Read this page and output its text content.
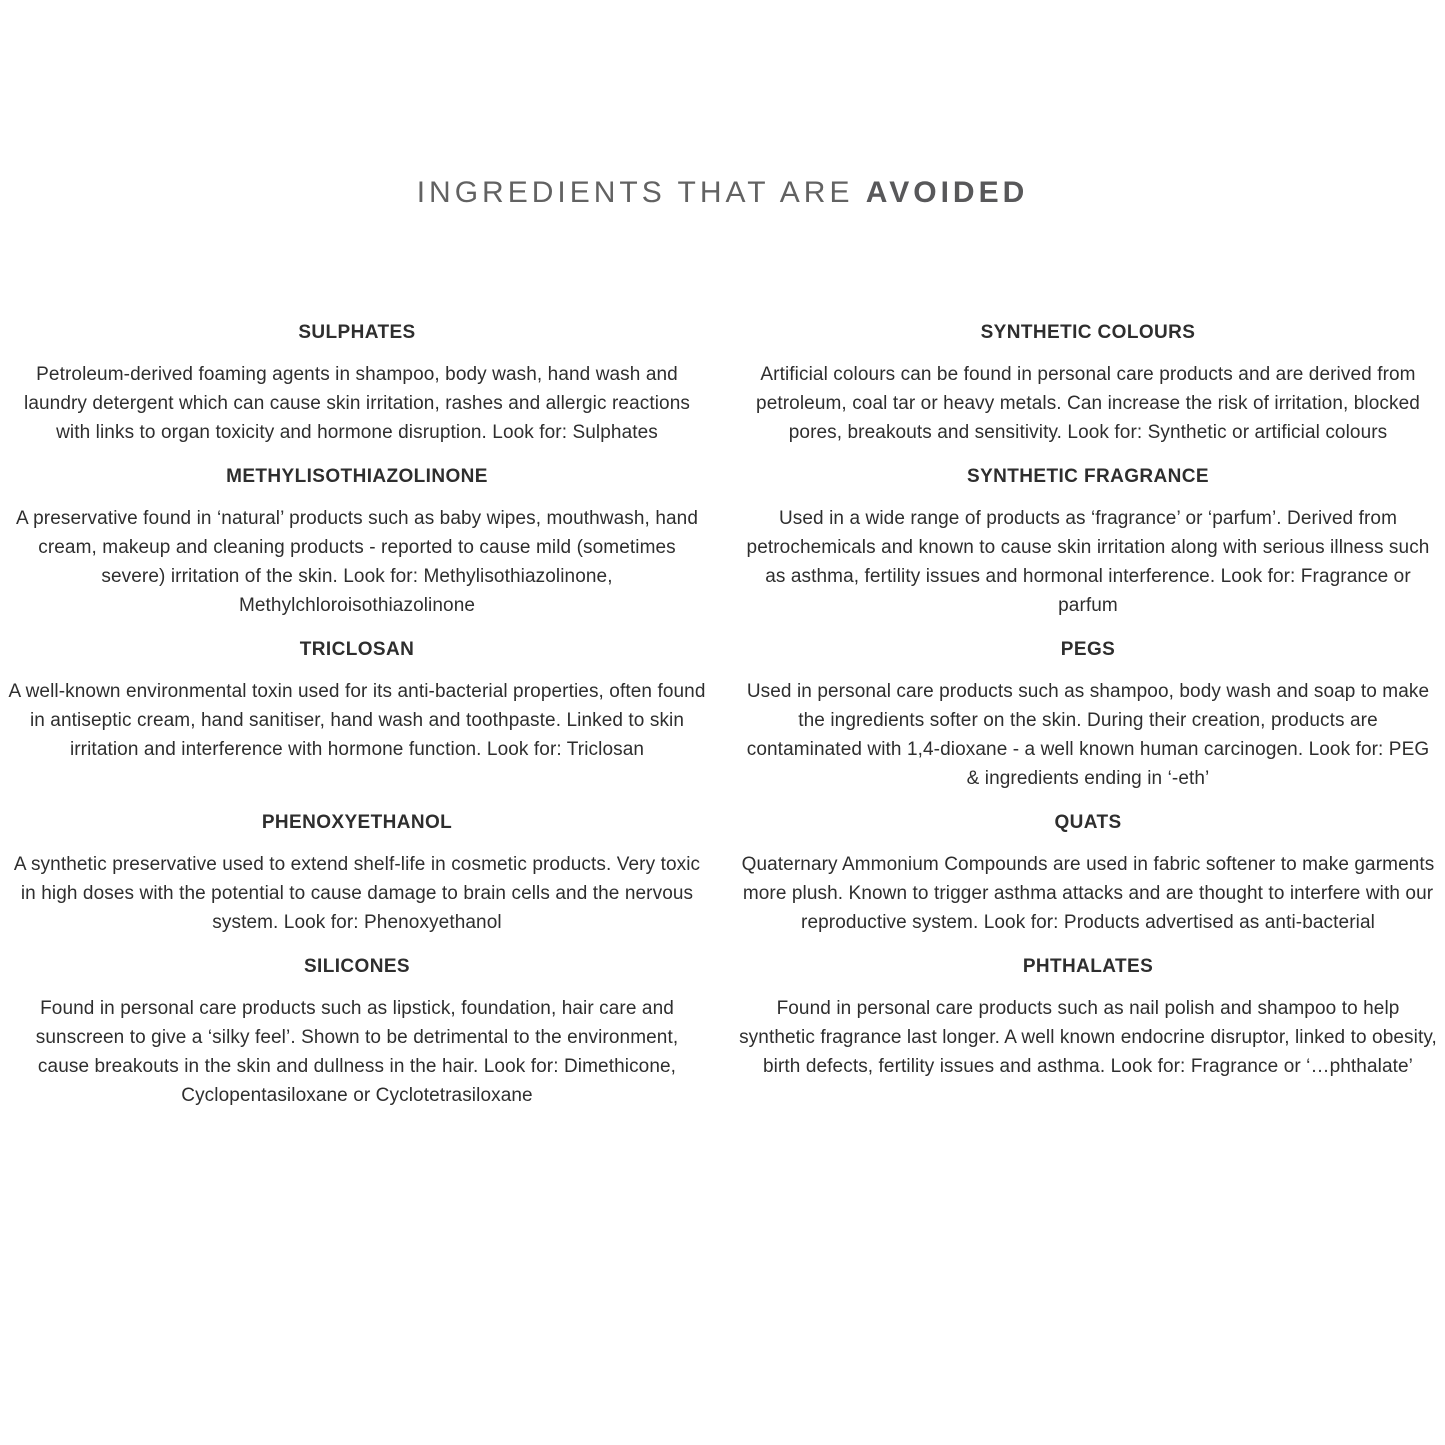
INGREDIENTS THAT ARE AVOIDED
SULPHATES

Petroleum-derived foaming agents in shampoo, body wash, hand wash and laundry detergent which can cause skin irritation, rashes and allergic reactions with links to organ toxicity and hormone disruption. Look for: Sulphates

SYNTHETIC COLOURS

Artificial colours can be found in personal care products and are derived from petroleum, coal tar or heavy metals. Can increase the risk of irritation, blocked pores, breakouts and sensitivity. Look for: Synthetic or artificial colours

METHYLISOTHIAZOLINONE

A preservative found in ‘natural’ products such as baby wipes, mouthwash, hand cream, makeup and cleaning products - reported to cause mild (sometimes severe) irritation of the skin. Look for: Methylisothiazolinone, Methylchloroisothiazolinone

SYNTHETIC FRAGRANCE

Used in a wide range of products as ‘fragrance’ or ‘parfum’. Derived from petrochemicals and known to cause skin irritation along with serious illness such as asthma, fertility issues and hormonal interference. Look for: Fragrance or parfum

TRICLOSAN

A well-known environmental toxin used for its anti-bacterial properties, often found in antiseptic cream, hand sanitiser, hand wash and toothpaste. Linked to skin irritation and interference with hormone function. Look for: Triclosan

PEGS

Used in personal care products such as shampoo, body wash and soap to make the ingredients softer on the skin. During their creation, products are contaminated with 1,4-dioxane - a well known human carcinogen. Look for: PEG & ingredients ending in ‘-eth’

PHENOXYETHANOL

A synthetic preservative used to extend shelf-life in cosmetic products. Very toxic in high doses with the potential to cause damage to brain cells and the nervous system. Look for: Phenoxyethanol

QUATS

Quaternary Ammonium Compounds are used in fabric softener to make garments more plush. Known to trigger asthma attacks and are thought to interfere with our reproductive system. Look for: Products advertised as anti-bacterial

SILICONES

Found in personal care products such as lipstick, foundation, hair care and sunscreen to give a ‘silky feel’. Shown to be detrimental to the environment, cause breakouts in the skin and dullness in the hair. Look for: Dimethicone, Cyclopentasiloxane or Cyclotetrasiloxane

PHTHALATES

Found in personal care products such as nail polish and shampoo to help synthetic fragrance last longer. A well known endocrine disruptor, linked to obesity, birth defects, fertility issues and asthma. Look for: Fragrance or ‘…phthalate’
